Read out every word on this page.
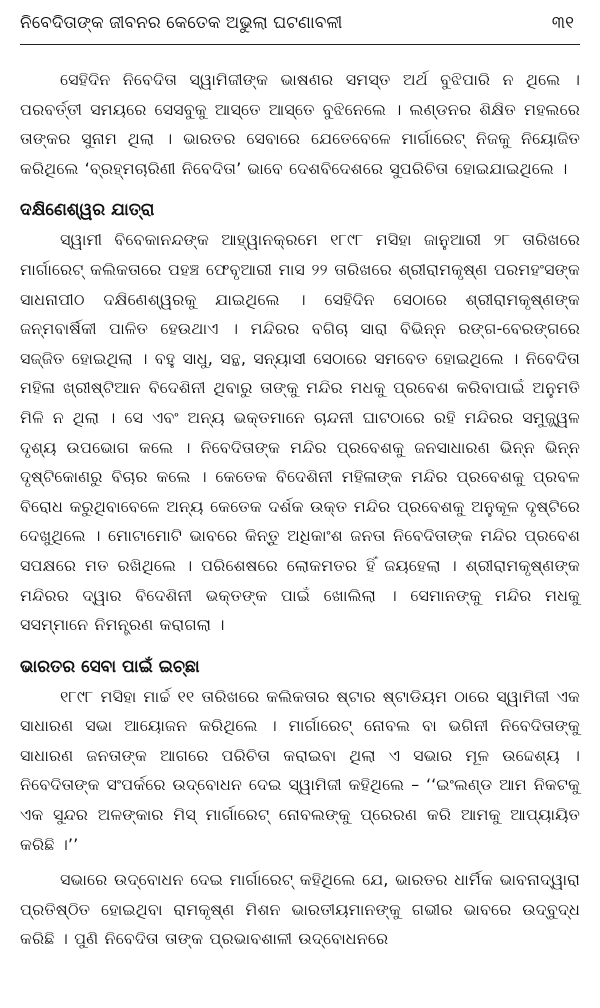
ନିବେଦିତାଙ୍କ ଜୀବନର କେତେକ ଅଭୁଲା ଘଟଣାବଳୀ	୩୧

ସେହିଦିନ ନିବେଦିତା ସ୍ୱାମିଜୀଙ୍କ ଭାଷଣର ସମସ୍ତ ଅର୍ଥ ବୁଝିପାରି ନ ଥିଲେ । ପରବର୍ତ୍ତୀ ସମୟରେ ସେସବୁକୁ ଆସ୍ତେ ଆସ୍ତେ ବୁଝିନେଲେ । ଲଣ୍ଡନର ଶିକ୍ଷିତ ମହଲରେ ତାଙ୍କର ସୁନାମ ଥିଲା । ଭାରତର ସେବାରେ ଯେତେବେଳେ ମାର୍ଗାରେଟ୍ ନିଜକୁ ନିୟୋଜିତ କରିଥିଲେ ‘ବ୍ରହ୍ମଚାରିଣୀ ନିବେଦିତା’ ଭାବେ ଦେଶବିଦେଶରେ ସୁପରିଚିତା ହୋଇଯାଇଥିଲେ ।

ଦକ୍ଷିଣେଶ୍ୱର ଯାତ୍ରା

ସ୍ୱାମୀ ବିବେକାନନ୍ଦଙ୍କ ଆହ୍ୱାନକ୍ରମେ ୧୮୯୮ ମସିହା ଜାନୁଆରୀ ୨୮ ତାରିଖରେ ମାର୍ଗାରେଟ୍ କଲିକତାରେ ପହଞ୍ଚ ଫେବୃଆରୀ ମାସ ୨୨ ତାରିଖରେ ଶ୍ରୀରାମକୃଷ୍ଣ ପରମହଂସଙ୍କ ସାଧନାପୀଠ ଦକ୍ଷିଣେଶ୍ୱରକୁ ଯାଇଥିଲେ । ସେହିଦିନ ସେଠାରେ ଶ୍ରୀରାମକୃଷ୍ଣଙ୍କ ଜନ୍ମବାର୍ଷିକୀ ପାଳିତ ହେଉଥାଏ । ମନ୍ଦିରର ବଗିଚା ସାରା ବିଭିନ୍ନ ରଙ୍ଗ-ବେରଙ୍ଗରେ ସଜ୍ଜିତ ହୋଇଥିଲା । ବହୁ ସାଧୁ, ସନ୍ଥ, ସନ୍ୟାସୀ ସେଠାରେ ସମବେତ ହୋଇଥିଲେ । ନିବେଦିତା ମହିଳା ଖ୍ରୀଷ୍ଟିଆନ ବିଦେଶିନୀ ଥିବାରୁ ତାଙ୍କୁ ମନ୍ଦିର ମଧକୁ ପ୍ରବେଶ କରିବାପାଇଁ ଅନୁମତି ମିଳି ନ ଥିଲା । ସେ ଏବଂ ଅନ୍ୟ ଭକ୍ତମାନେ ଚାନ୍ଦନୀ ଘାଟଠାରେ ରହି ମନ୍ଦିରର ସମୁଜ୍ଜ୍ୱଳ ଦୃଶ୍ୟ ଉପଭୋଗ କଲେ । ନିବେଦିତାଙ୍କ ମନ୍ଦିର ପ୍ରବେଶକୁ ଜନସାଧାରଣ ଭିନ୍ନ ଭିନ୍ନ ଦୃଷ୍ଟିକୋଣରୁ ବିଚାର କଲେ । କେତେକ ବିଦେଶିନୀ ମହିଳାଙ୍କ ମନ୍ଦିର ପ୍ରବେଶକୁ ପ୍ରବଳ ବିରୋଧ କରୁଥିବାବେଳେ ଅନ୍ୟ କେତେକ ଦର୍ଶକ ଉକ୍ତ ମନ୍ଦିର ପ୍ରବେଶକୁ ଅନୁକୂଳ ଦୃଷ୍ଟିରେ ଦେଖୁଥିଲେ । ମୋଟାମୋଟି ଭାବରେ କିନ୍ତୁ ଅଧିକାଂଶ ଜନତା ନିବେଦିତାଙ୍କ ମନ୍ଦିର ପ୍ରବେଶ ସପକ୍ଷରେ ମତ ରଖିଥିଲେ । ପରିଶେଷରେ ଲୋକମତର ହିଁ ଜୟହେଲା । ଶ୍ରୀରାମକୃଷ୍ଣଙ୍କ ମନ୍ଦିରର ଦ୍ୱାର ବିଦେଶିନୀ ଭକ୍ତଙ୍କ ପାଇଁ ଖୋଲିଲା । ସେମାନଙ୍କୁ ମନ୍ଦିର ମଧକୁ ସସମ୍ମାନେ ନିମନ୍ତ୍ରଣ କରାଗଲା ।

ଭାରତର ସେବା ପାଇଁ ଇଚ୍ଛା

୧୮୯୮ ମସିହା ମାର୍ଚ୍ଚ ୧୧ ତାରିଖରେ କଲିକତାର ଷ୍ଟାର ଷ୍ଟାଡିୟମ ଠାରେ ସ୍ୱାମିଜୀ ଏକ ସାଧାରଣ ସଭା ଆୟୋଜନ କରିଥିଲେ । ମାର୍ଗାରେଟ୍ ନୋବଲ ବା ଭଗିନୀ ନିବେଦିତାଙ୍କୁ ସାଧାରଣ ଜନତାଙ୍କ ଆଗରେ ପରିଚିତା କରାଇବା ଥିଲା ଏ ସଭାର ମୂଳ ଉଦ୍ଦେଶ୍ୟ । ନିବେଦିତାଙ୍କ ସଂପର୍କରେ ଉଦ୍‌ବୋଧନ ଦେଇ ସ୍ୱାମିଜୀ କହିଥିଲେ – ‘‘ଇଂଲଣ୍ଡ ଆମ ନିକଟକୁ ଏକ ସୁନ୍ଦର ଅଳଙ୍କାର ମିସ୍ ମାର୍ଗାରେଟ୍ ନୋବଲଙ୍କୁ ପ୍ରେରଣ କରି ଆମକୁ ଆପ୍ୟାୟିତ କରିଛି ।’’

ସଭାରେ ଉଦ୍‌ବୋଧନ ଦେଇ ମାର୍ଗାରେଟ୍ କହିଥିଲେ ଯେ, ଭାରତର ଧାର୍ମିକ ଭାବନାଦ୍ୱାରା ପ୍ରତିଷ୍ଠିତ ହୋଇଥିବା ରାମକୃଷ୍ଣ ମିଶନ ଭାରତୀୟମାନଙ୍କୁ ଗଭୀର ଭାବରେ ଉଦ୍‌ବୁଦ୍ଧ କରିଛି । ପୁଣି ନିବେଦିତା ତାଙ୍କ ପ୍ରଭାବଶାଳୀ ଉଦ୍‌ବୋଧନରେ
